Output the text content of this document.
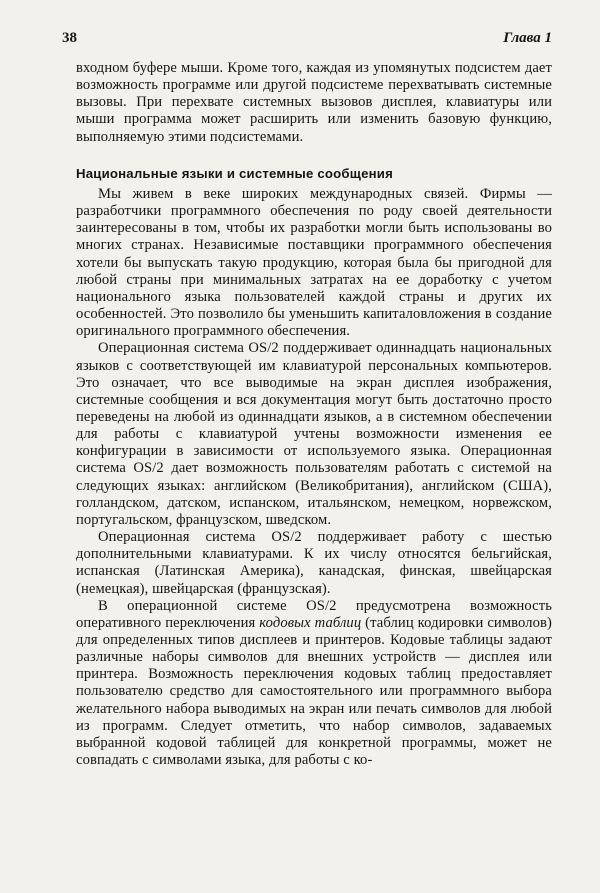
38	Глава 1

входном буфере мыши. Кроме того, каждая из упомянутых подсистем дает возможность программе или другой подсистеме перехватывать системные вызовы. При перехвате системных вызовов дисплея, клавиатуры или мыши программа может расширить или изменить базовую функцию, выполняемую этими подсистемами.

Национальные языки и системные сообщения

Мы живем в веке широких международных связей. Фирмы — разработчики программного обеспечения по роду своей деятельности заинтересованы в том, чтобы их разработки могли быть использованы во многих странах. Независимые поставщики программного обеспечения хотели бы выпускать такую продукцию, которая была бы пригодной для любой страны при минимальных затратах на ее доработку с учетом национального языка пользователей каждой страны и других их особенностей. Это позволило бы уменьшить капиталовложения в создание оригинального программного обеспечения.

Операционная система OS/2 поддерживает одиннадцать национальных языков с соответствующей им клавиатурой персональных компьютеров. Это означает, что все выводимые на экран дисплея изображения, системные сообщения и вся документация могут быть достаточно просто переведены на любой из одиннадцати языков, а в системном обеспечении для работы с клавиатурой учтены возможности изменения ее конфигурации в зависимости от используемого языка. Операционная система OS/2 дает возможность пользователям работать с системой на следующих языках: английском (Великобритания), английском (США), голландском, датском, испанском, итальянском, немецком, норвежском, португальском, французском, шведском.

Операционная система OS/2 поддерживает работу с шестью дополнительными клавиатурами. К их числу относятся бельгийская, испанская (Латинская Америка), канадская, финская, швейцарская (немецкая), швейцарская (французская).

В операционной системе OS/2 предусмотрена возможность оперативного переключения кодовых таблиц (таблиц кодировки символов) для определенных типов дисплеев и принтеров. Кодовые таблицы задают различные наборы символов для внешних устройств — дисплея или принтера. Возможность переключения кодовых таблиц предоставляет пользователю средство для самостоятельного или программного выбора желательного набора выводимых на экран или печать символов для любой из программ. Следует отметить, что набор символов, задаваемых выбранной кодовой таблицей для конкретной программы, может не совпадать с символами языка, для работы с ко-
